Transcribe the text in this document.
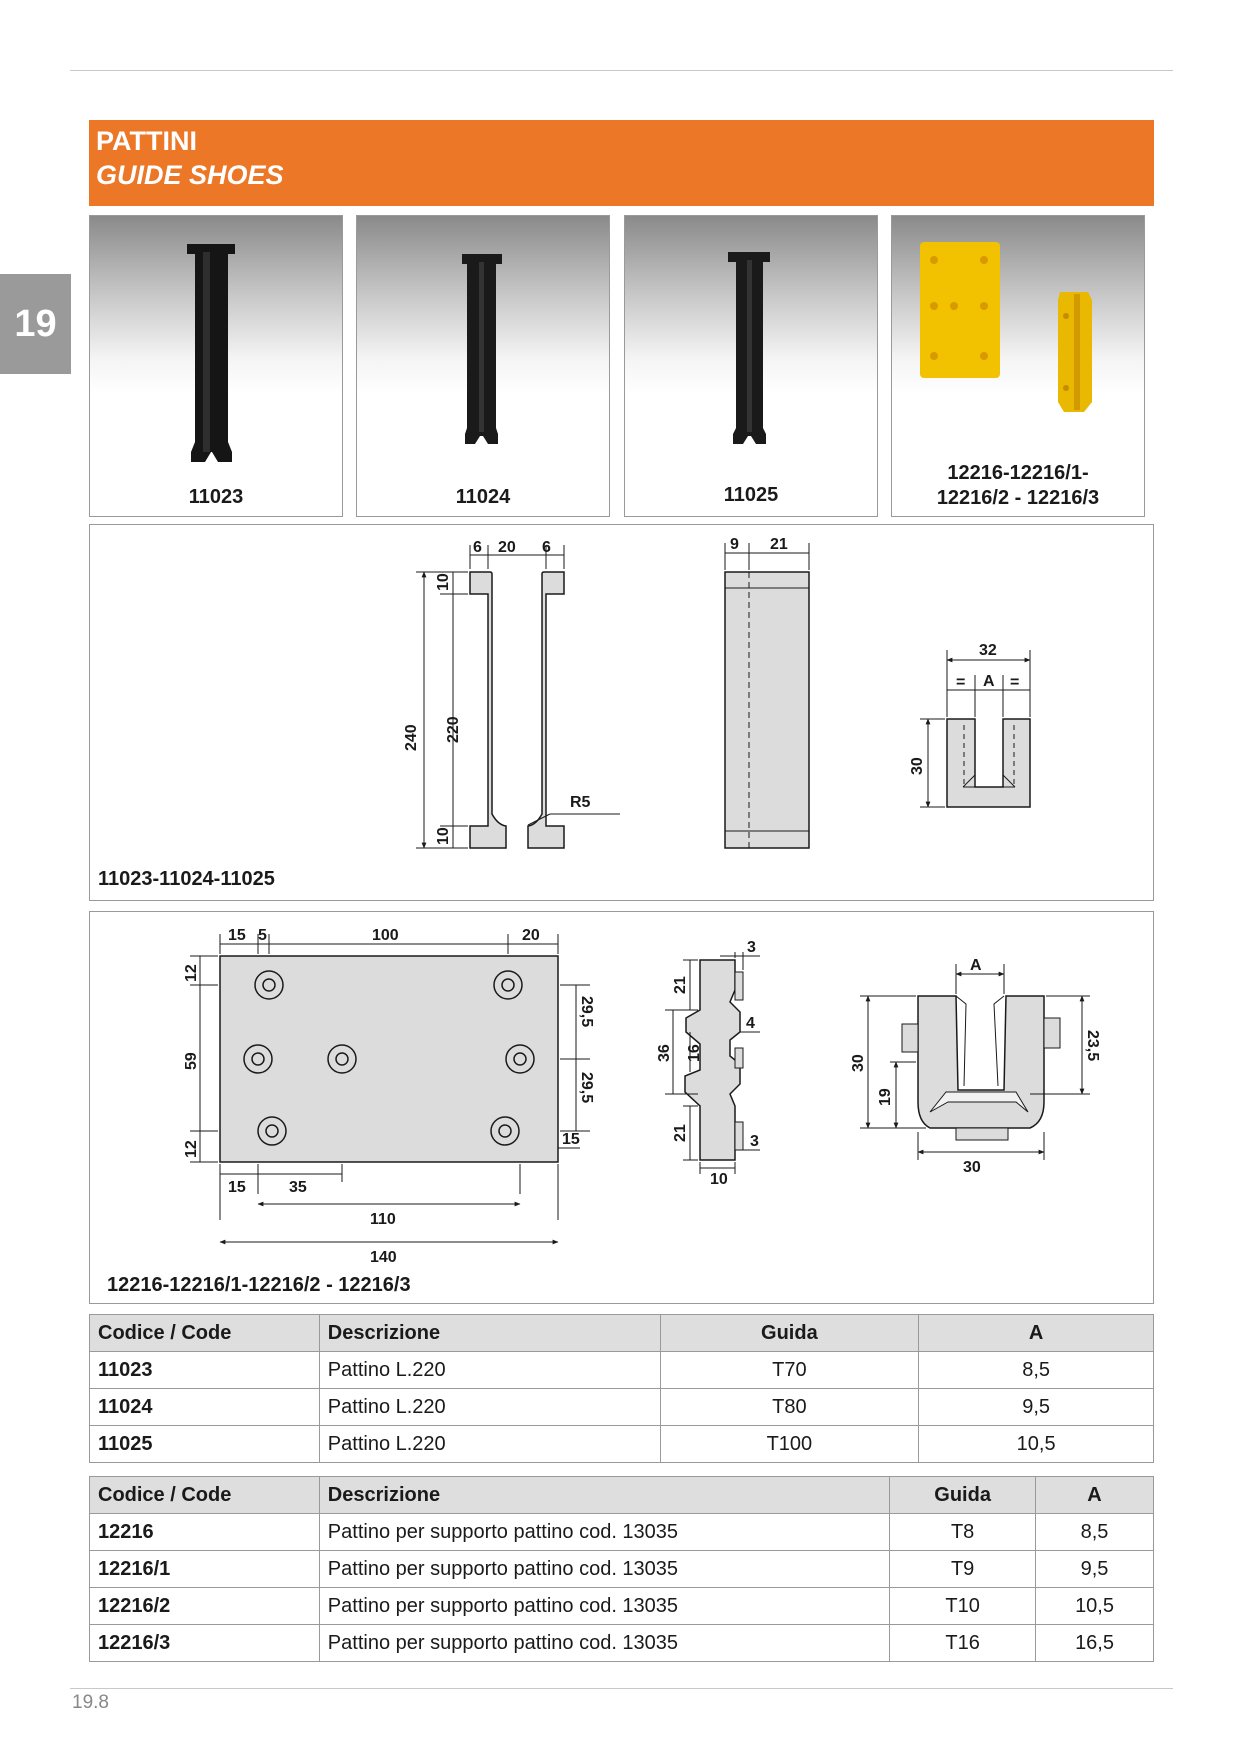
19
PATTINI
GUIDE SHOES
11023	11024	11025
12216-12216/1-
12216/2 - 12216/3
6 20 6
240
10
220
10
R5
9 21
32
= A =
30
11023-11024-11025
15 5	100	20
12
59
12
29,5
29,5
15
15	35
110
140
3
21
4
36 16
21	3
10
A
30
19
23,5
30
12216-12216/1-12216/2 - 12216/3
Codice / Code	Descrizione	Guida	A
11023	Pattino L.220	T70	8,5
11024	Pattino L.220	T80	9,5
11025	Pattino L.220	T100	10,5
Codice / Code	Descrizione	Guida	A
12216	Pattino per supporto pattino cod. 13035	T8	8,5
12216/1	Pattino per supporto pattino cod. 13035	T9	9,5
12216/2	Pattino per supporto pattino cod. 13035	T10	10,5
12216/3	Pattino per supporto pattino cod. 13035	T16	16,5
19.8
